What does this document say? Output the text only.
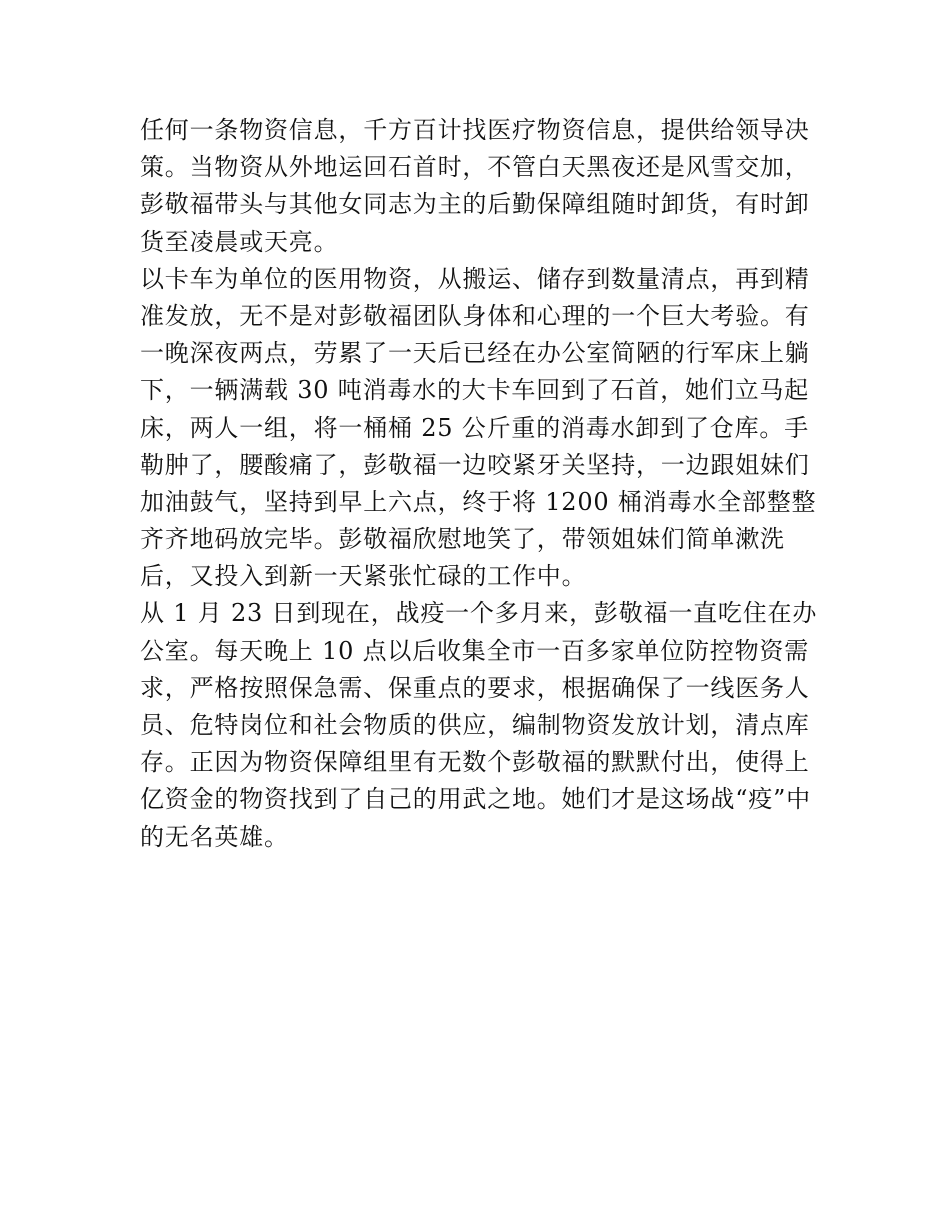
任何一条物资信息，千方百计找医疗物资信息，提供给领导决
策。当物资从外地运回石首时，不管白天黑夜还是风雪交加，
彭敬福带头与其他女同志为主的后勤保障组随时卸货，有时卸
货至凌晨或天亮。
以卡车为单位的医用物资，从搬运、储存到数量清点，再到精
准发放，无不是对彭敬福团队身体和心理的一个巨大考验。有
一晚深夜两点，劳累了一天后已经在办公室简陋的行军床上躺
下，一辆满载 30 吨消毒水的大卡车回到了石首，她们立马起
床，两人一组，将一桶桶 25 公斤重的消毒水卸到了仓库。手
勒肿了，腰酸痛了，彭敬福一边咬紧牙关坚持，一边跟姐妹们
加油鼓气，坚持到早上六点，终于将 1200 桶消毒水全部整整
齐齐地码放完毕。彭敬福欣慰地笑了，带领姐妹们简单漱洗
后，又投入到新一天紧张忙碌的工作中。
从 1 月 23 日到现在，战疫一个多月来，彭敬福一直吃住在办
公室。每天晚上 10 点以后收集全市一百多家单位防控物资需
求，严格按照保急需、保重点的要求，根据确保了一线医务人
员、危特岗位和社会物质的供应，编制物资发放计划，清点库
存。正因为物资保障组里有无数个彭敬福的默默付出，使得上
亿资金的物资找到了自己的用武之地。她们才是这场战“疫”中
的无名英雄。
